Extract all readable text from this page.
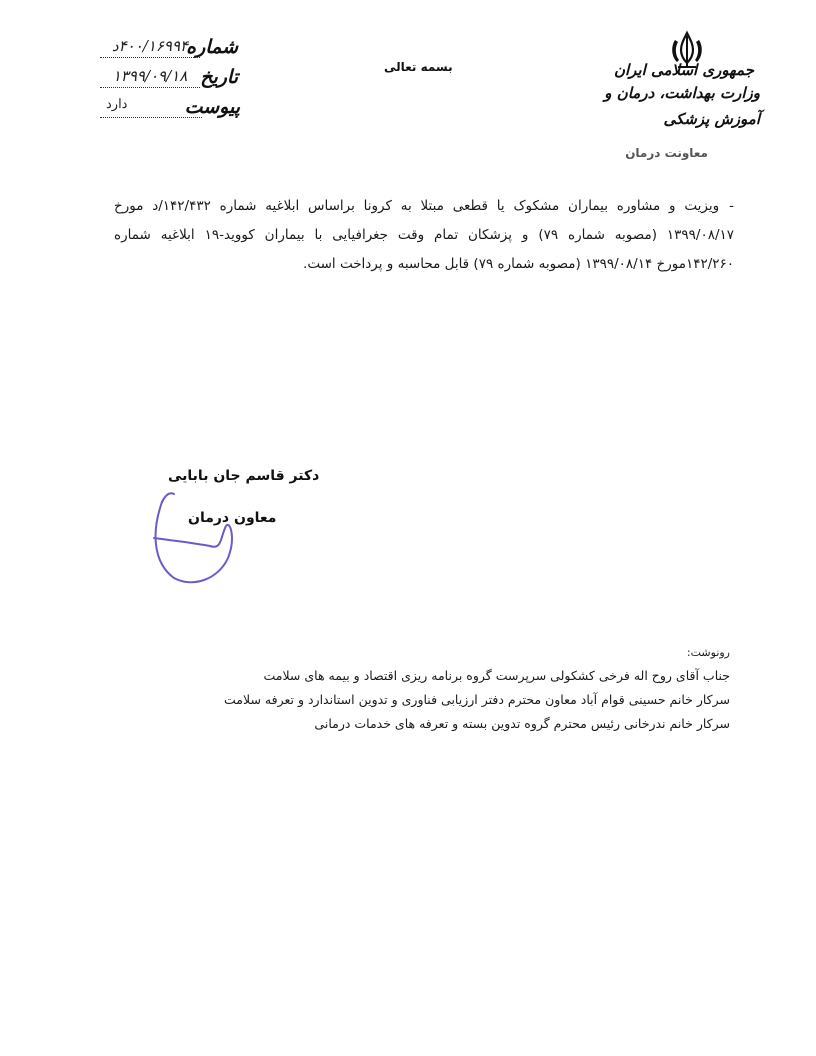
جمهوری اسلامی ایران
وزارت بهداشت، درمان و آموزش پزشکی
معاونت درمان
بسمه تعالی
شماره
۴۰۰/۱۶۹۹۴د
تاریخ
۱۳۹۹/۰۹/۱۸
پیوست
دارد
-ویزیت و مشاوره بیماران مشکوک یا قطعی مبتلا به کرونا براساس ابلاغیه شماره ۱۴۲/۴۳۲/د مورخ ۱۳۹۹/۰۸/۱۷ (مصوبه شماره ۷۹) و پزشکان تمام وقت جغرافیایی با بیماران کووید-۱۹ ابلاغیه شماره ۱۴۲/۲۶۰مورخ ۱۳۹۹/۰۸/۱۴ (مصوبه شماره ۷۹) قابل محاسبه و پرداخت است.
دکتر قاسم جان بابایی
معاون درمان
رونوشت:
جناب آقای روح اله فرخی کشکولی سرپرست گروه برنامه ریزی اقتصاد و بیمه های سلامت
سرکار خانم حسینی قوام آباد معاون محترم دفتر ارزیابی فناوری و تدوین استاندارد و تعرفه سلامت
سرکار خانم ندرخانی رئیس محترم گروه تدوین بسته و تعرفه های خدمات درمانی
